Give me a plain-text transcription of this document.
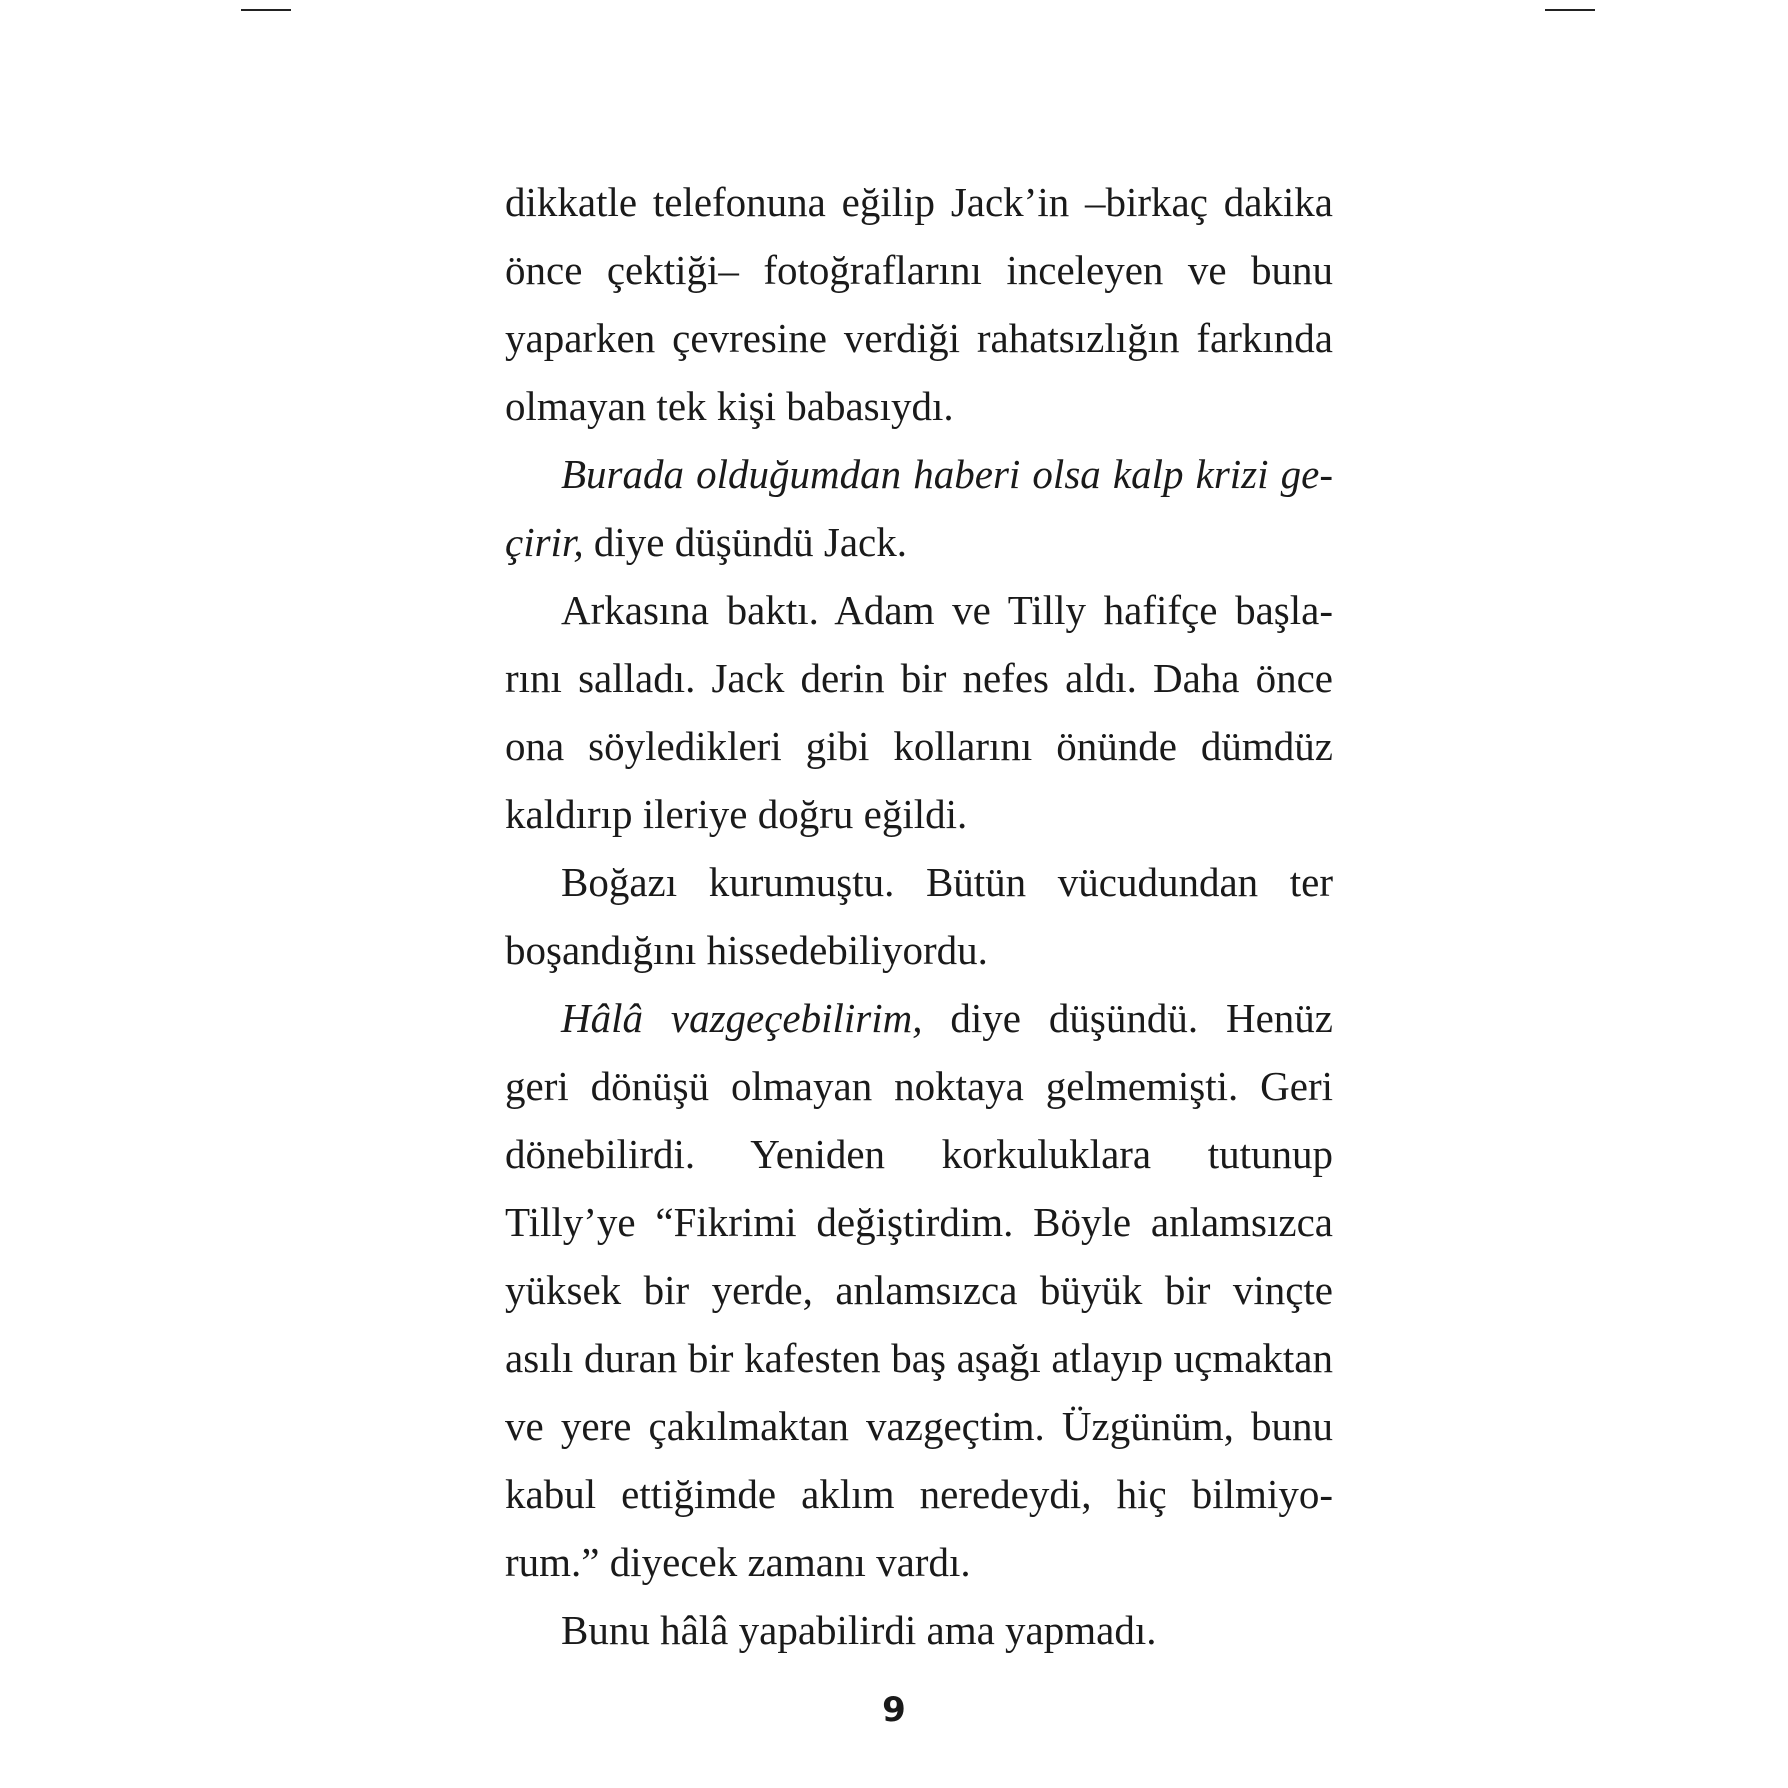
dikkatle telefonuna eğilip Jack’in –birkaç dakika
önce çektiği– fotoğraflarını inceleyen ve bunu
yaparken çevresine verdiği rahatsızlığın farkında
olmayan tek kişi babasıydı.
Burada olduğumdan haberi olsa kalp krizi ge-
çirir, diye düşündü Jack.
Arkasına baktı. Adam ve Tilly hafifçe başla-
rını salladı. Jack derin bir nefes aldı. Daha önce
ona söyledikleri gibi kollarını önünde dümdüz
kaldırıp ileriye doğru eğildi.
Boğazı kurumuştu. Bütün vücudundan ter
boşandığını hissedebiliyordu.
Hâlâ vazgeçebilirim, diye düşündü. Henüz
geri dönüşü olmayan noktaya gelmemişti. Geri
dönebilirdi. Yeniden korkuluklara tutunup
Tilly’ye “Fikrimi değiştirdim. Böyle anlamsızca
yüksek bir yerde, anlamsızca büyük bir vinçte
asılı duran bir kafesten baş aşağı atlayıp uçmaktan
ve yere çakılmaktan vazgeçtim. Üzgünüm, bunu
kabul ettiğimde aklım neredeydi, hiç bilmiyo-
rum.” diyecek zamanı vardı.
Bunu hâlâ yapabilirdi ama yapmadı.
9
